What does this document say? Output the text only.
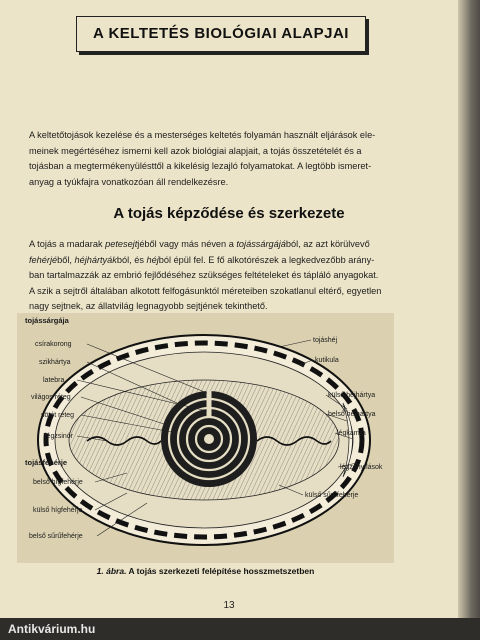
A KELTETÉS BIOLÓGIAI ALAPJAI
A keltetőtojások kezelése és a mesterséges keltetés folyamán használt eljárások ele-
meinek megértéséhez ismerni kell azok biológiai alapjait, a tojás összetételét és a
tojásban a megtermékenyülésttől a kikelésig lezajló folyamatokat. A legtöbb ismeret-
anyag a tyúkfajra vonatkozóan áll rendelkezésre.
A tojás képződése és szerkezete
A tojás a madarak petesejtjéből vagy más néven a tojássárgájából, az azt körülvevő
fehérjéből, héjhártyákból, és héjból épül fel. E fő alkotórészek a legkedvezőbb arány-
ban tartalmazzák az embrió fejlődéséhez szükséges feltételeket és tápláló anyagokat.
A szik a sejtről általában alkotott felfogásunktól méreteiben szokatlanul eltérő, egyetlen
nagy sejtnek, az állatvilág legnagyobb sejtjének tekinthető.
tojássárgája
csírakorong
szikhártya
latebra
világos réteg
sötét réteg
jégzsinór
tojásfehérje
belső hígfehérje
külső hígfehérje
belső sűrűfehérje
tojáshéj
kutikula
külső héjhártya
belső héjhártya
légkamra
légzőnyílások
külső sűrűfehérje
1. ábra. A tojás szerkezeti felépítése hosszmetszetben
13
Antikvárium.hu
